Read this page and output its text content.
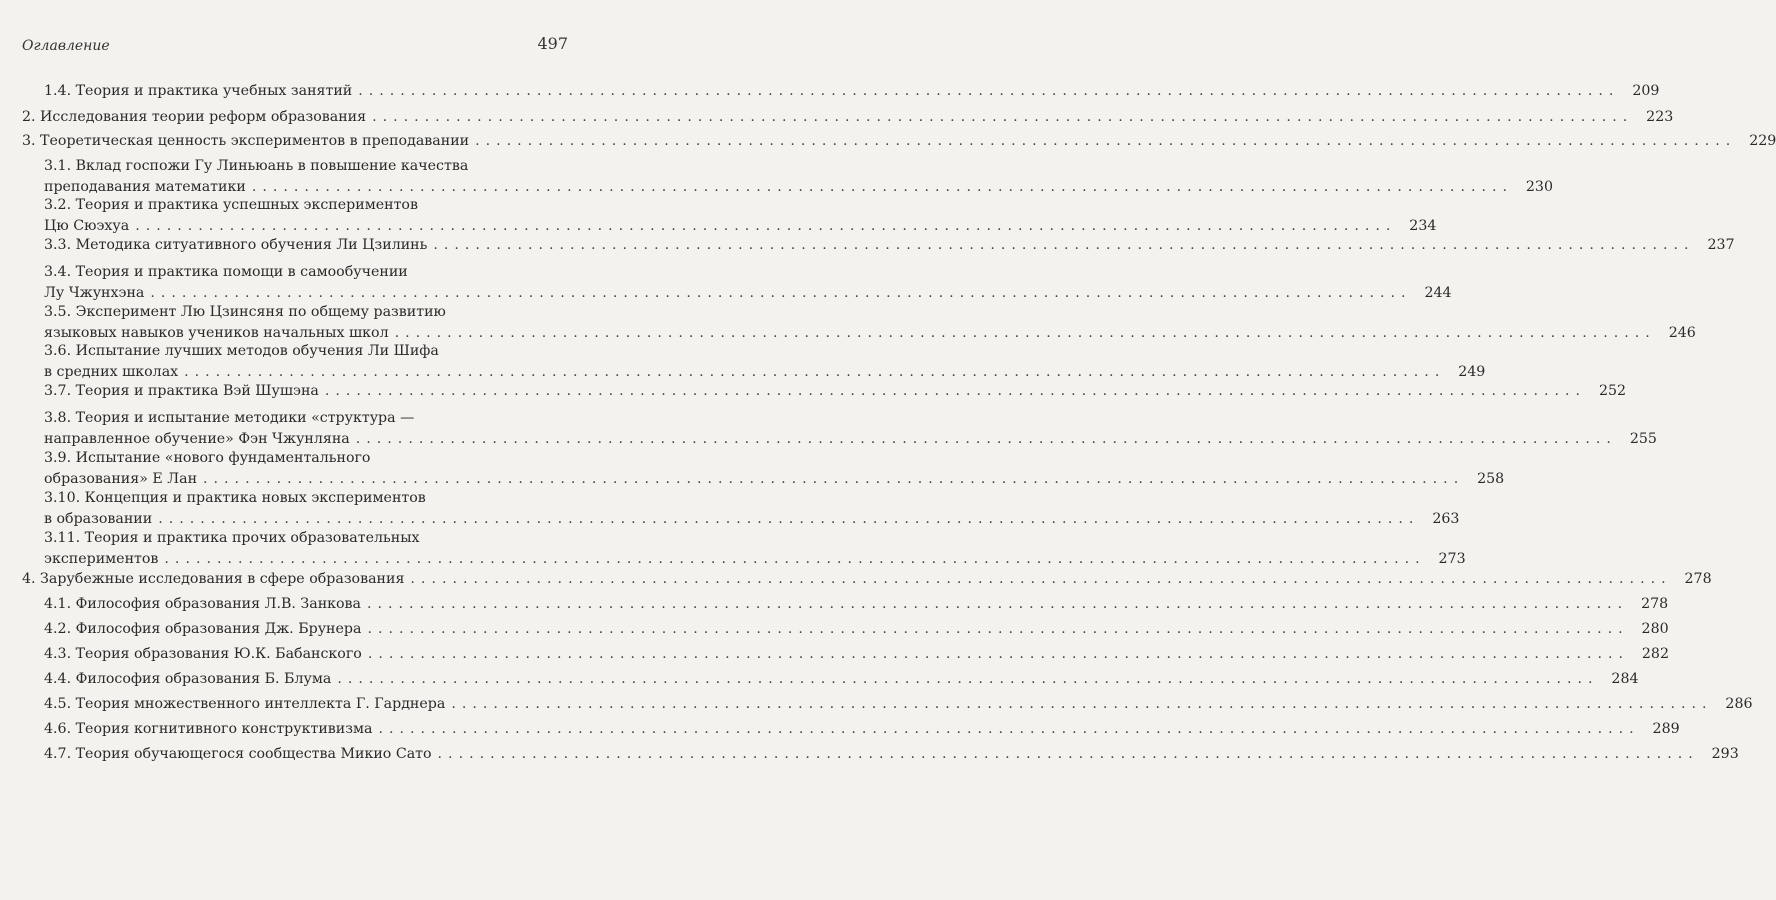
Оглавление	497
1.4. Теория и практика учебных занятий ........................................................................................................................ 209
2. Исследования теории реформ образования ........................................................................................................................ 223
3. Теоретическая ценность экспериментов в преподавании ........................................................................................................................ 229
3.1. Вклад госпожи Гу Линьюань в повышение качества
преподавания математики ........................................................................................................................ 230
3.2. Теория и практика успешных экспериментов
Цю Сюэхуа ........................................................................................................................ 234
3.3. Методика ситуативного обучения Ли Цзилинь ........................................................................................................................ 237
3.4. Теория и практика помощи в самообучении
Лу Чжунхэна ........................................................................................................................ 244
3.5. Эксперимент Лю Цзинсяня по общему развитию
языковых навыков учеников начальных школ ........................................................................................................................ 246
3.6. Испытание лучших методов обучения Ли Шифа
в средних школах ........................................................................................................................ 249
3.7. Теория и практика Вэй Шушэна ........................................................................................................................ 252
3.8. Теория и испытание методики «структура —
направленное обучение» Фэн Чжунляна ........................................................................................................................ 255
3.9. Испытание «нового фундаментального
образования» Е Лан ........................................................................................................................ 258
3.10. Концепция и практика новых экспериментов
в образовании ........................................................................................................................ 263
3.11. Теория и практика прочих образовательных
экспериментов ........................................................................................................................ 273
4. Зарубежные исследования в сфере образования ........................................................................................................................ 278
4.1. Философия образования Л.В. Занкова ........................................................................................................................ 278
4.2. Философия образования Дж. Брунера ........................................................................................................................ 280
4.3. Теория образования Ю.К. Бабанского ........................................................................................................................ 282
4.4. Философия образования Б. Блума ........................................................................................................................ 284
4.5. Теория множественного интеллекта Г. Гарднера ........................................................................................................................ 286
4.6. Теория когнитивного конструктивизма ........................................................................................................................ 289
4.7. Теория обучающегося сообщества Микио Сато ........................................................................................................................ 293
